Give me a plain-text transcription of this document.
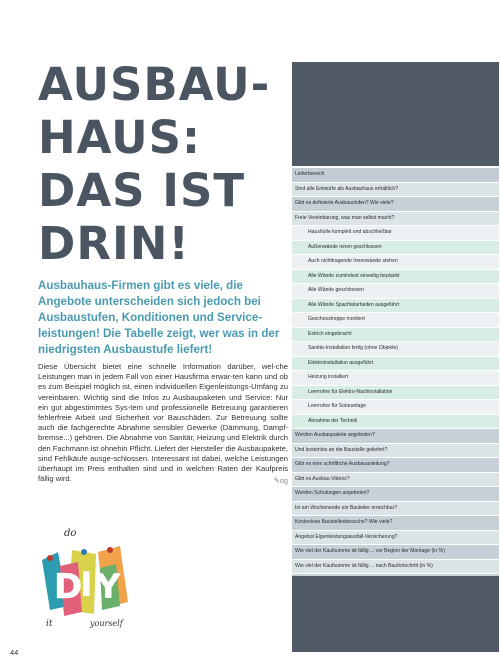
AUSBAU-
HAUS:
DAS IST
DRIN!
Ausbauhaus-Firmen gibt es viele, die Angebote unterscheiden sich jedoch bei Ausbaustufen, Konditionen und Service-leistungen! Die Tabelle zeigt, wer was in der niedrigsten Ausbaustufe liefert!
Diese Übersicht bietet eine schnelle Information darüber, wel-che Leistungen man in jedem Fall von einer Hausfirma erwar-ten kann und ob es zum Beispiel möglich ist, einen individuellen Eigenleistungs-Umfang zu vereinbaren. Wichtig sind die Infos zu Ausbaupaketen und Service: Nur ein gut abgestimmtes Sys-tem und professionelle Betreuung garantieren fehlerfreie Arbeit und Sicherheit vor Bauschäden. Zur Betreuung sollte auch die fachgerechte Abnahme sensibler Gewerke (Dämmung, Dampf-bremse...) gehören. Die Abnahme von Sanitär, Heizung und Elektrik durch den Fachmann ist ohnehin Pflicht. Liefert der Hersteller die Ausbaupakete, sind Fehlkäufe ausge-schlossen. Interessant ist dabei, welche Leistungen überhaupt im Preis enthalten sind und in welchen Raten der Kaufpreis fällig wird.	✎og
do
D
I Y
it	yourself
44
Lieferbereich
Sind alle Entwürfe als Ausbauhaus erhältlich?
Gibt es definierte Ausbaustufen? Wie viele?
Freie Vereinbarung, was man selbst macht?
Haushülle komplett und abschließbar
Außenwände innen geschlossen
Auch nichttragende Innenwände stehen
Alle Wände zumindest einseitig beplankt
Alle Wände geschlossen
Alle Wände Spachtelarbeiten ausgeführt
Geschosstreppe montiert
Estrich eingebracht
Sanitär-Installation fertig (ohne Objekte)
Elektroinstallation ausgeführt
Heizung installiert
Leerrohre für Elektro-Nachinstallation
Leerrohre für Solaranlage
Abnahme der Technik
Werden Ausbaupakete angeboten?
Und kostenlos an die Baustelle geliefert?
Gibt es eine schriftliche Ausbauanleitung?
Gibt es Ausbau-Videos?
Werden Schulungen angeboten?
Ist am Wochenende ein Bauleiter erreichbar?
Kostenlose Baustellenbesuche? Wie viele?
Angebot Eigenleistungsausfall-Versicherung?
Wie viel der Kaufsumme ist fällig ... vor Beginn der Montage (in %)
Wie viel der Kaufsumme ist fällig ... nach Baufortschritt (in %)
